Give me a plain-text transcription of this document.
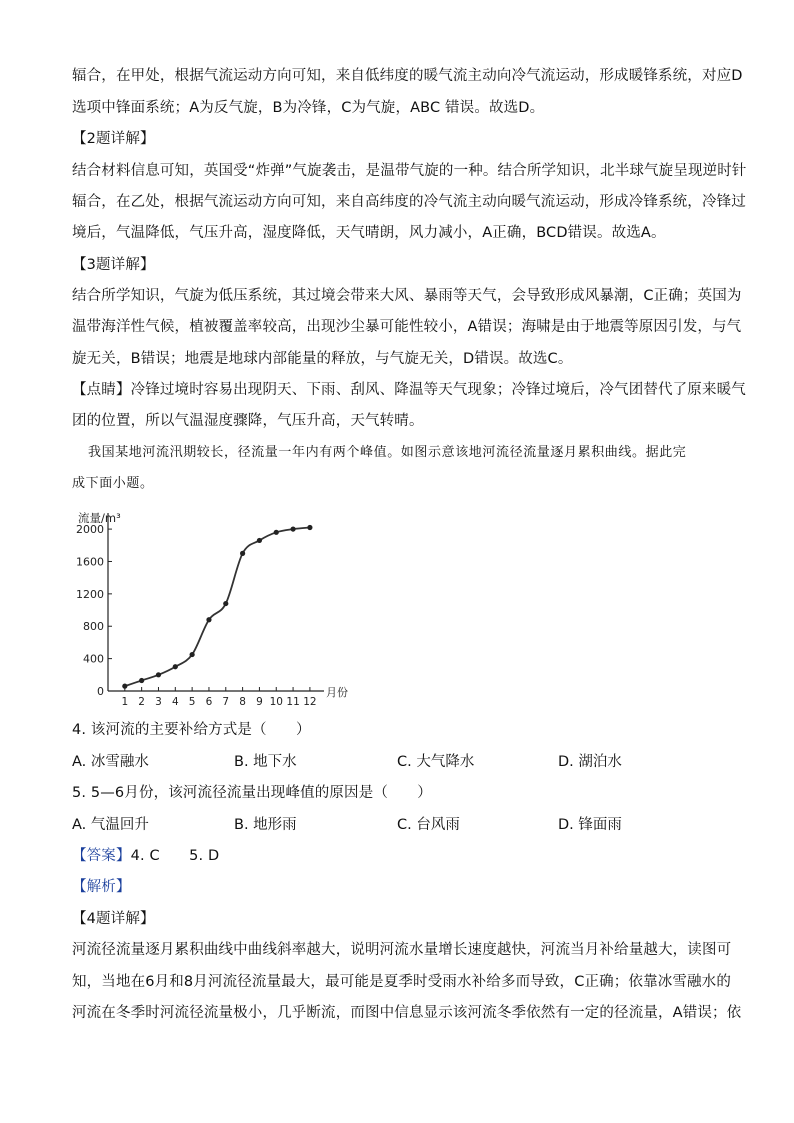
辐合，在甲处，根据气流运动方向可知，来自低纬度的暖气流主动向冷气流运动，形成暖锋系统，对应D
选项中锋面系统；A为反气旋，B为冷锋，C为气旋，ABC 错误。故选D。
【2题详解】
结合材料信息可知，英国受“炸弹”气旋袭击，是温带气旋的一种。结合所学知识，北半球气旋呈现逆时针
辐合，在乙处，根据气流运动方向可知，来自高纬度的冷气流主动向暖气流运动，形成冷锋系统，冷锋过
境后，气温降低，气压升高，湿度降低，天气晴朗，风力减小，A正确，BCD错误。故选A。
【3题详解】
结合所学知识，气旋为低压系统，其过境会带来大风、暴雨等天气，会导致形成风暴潮，C正确；英国为
温带海洋性气候，植被覆盖率较高，出现沙尘暴可能性较小，A错误；海啸是由于地震等原因引发，与气
旋无关，B错误；地震是地球内部能量的释放，与气旋无关，D错误。故选C。
【点睛】冷锋过境时容易出现阴天、下雨、刮风、降温等天气现象；冷锋过境后，冷气团替代了原来暖气
团的位置，所以气温湿度骤降，气压升高，天气转晴。
我国某地河流汛期较长，径流量一年内有两个峰值。如图示意该地河流径流量逐月累积曲线。据此完
成下面小题。
0
400
800
1200
1600
2000
1 2 3 4 5 6 7 8 9 10 11 12
流量/m³
月份
4. 该河流的主要补给方式是（　　）
A. 冰雪融水	B. 地下水	C. 大气降水	D. 湖泊水
5. 5—6月份，该河流径流量出现峰值的原因是（　　）
A. 气温回升	B. 地形雨	C. 台风雨	D. 锋面雨
【答案】4. C　　5. D
【解析】
【4题详解】
河流径流量逐月累积曲线中曲线斜率越大，说明河流水量增长速度越快，河流当月补给量越大，读图可
知，当地在6月和8月河流径流量最大，最可能是夏季时受雨水补给多而导致，C正确；依靠冰雪融水的
河流在冬季时河流径流量极小，几乎断流，而图中信息显示该河流冬季依然有一定的径流量，A错误；依
